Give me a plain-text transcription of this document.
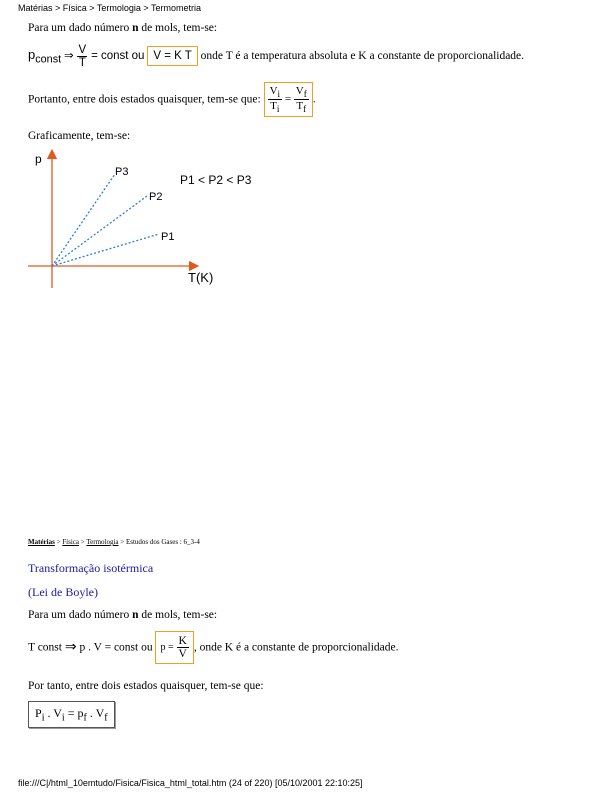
Matérias > Física > Termologia > Termometria
Para um dado número n de mols, tem-se:
$p_{const}$ ⇒ $\frac{V}{T}$ = const ou V = K T onde T é a temperatura absoluta e K a constante de proporcionalidade.
Portanto, entre dois estados quaisquer, tem-se que: $\frac{V_i}{T_i} = \frac{V_f}{T_f}$ .
Graficamente, tem-se:
p
T(K)
P3
P2
P1
P1 < P2 < P3
Matérias > Física > Termologia > Estudos dos Gases : 6_3-4
Transformação isotérmica
(Lei de Boyle)
Para um dado número n de mols, tem-se:
T const ⇒ p . V = const ou $p = \frac{K}{V}$ , onde K é a constante de proporcionalidade.
Por tanto, entre dois estados quaisquer, tem-se que:
$P_i$ . $V_i = p_f$ . $V_f$
file:///C|/html_10emtudo/Fisica/Fisica_html_total.htm (24 of 220) [05/10/2001 22:10:25]
